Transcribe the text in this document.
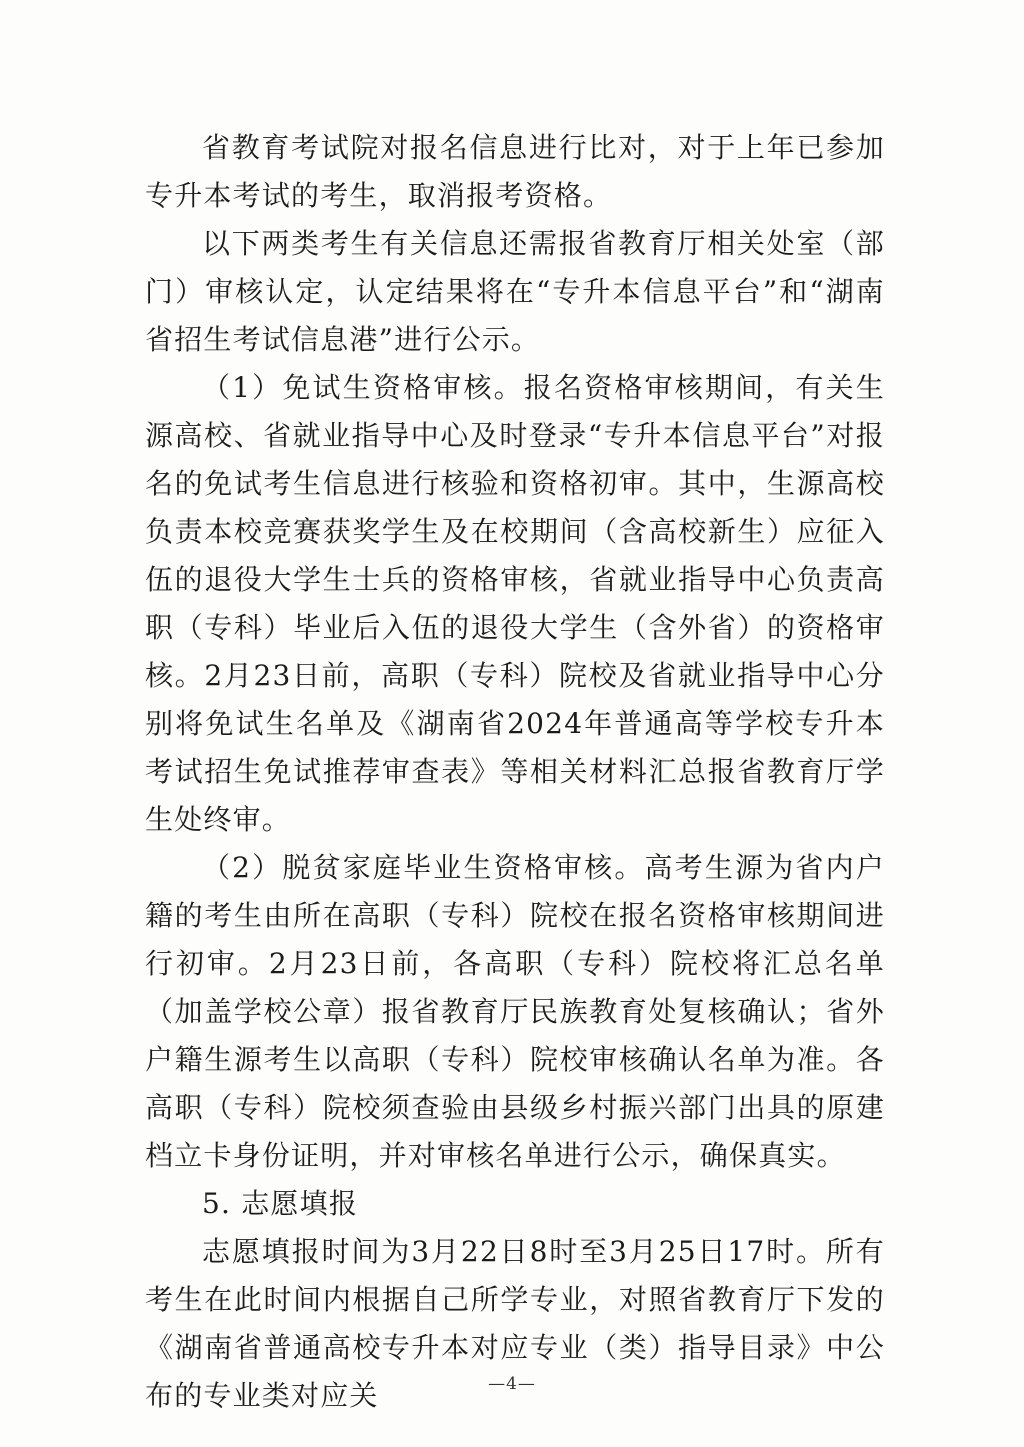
省教育考试院对报名信息进行比对，对于上年已参加专升本考试的考生，取消报考资格。

以下两类考生有关信息还需报省教育厅相关处室（部门）审核认定，认定结果将在“专升本信息平台”和“湖南省招生考试信息港”进行公示。

（1）免试生资格审核。报名资格审核期间，有关生源高校、省就业指导中心及时登录“专升本信息平台”对报名的免试考生信息进行核验和资格初审。其中，生源高校负责本校竞赛获奖学生及在校期间（含高校新生）应征入伍的退役大学生士兵的资格审核，省就业指导中心负责高职（专科）毕业后入伍的退役大学生（含外省）的资格审核。2月23日前，高职（专科）院校及省就业指导中心分别将免试生名单及《湖南省2024年普通高等学校专升本考试招生免试推荐审查表》等相关材料汇总报省教育厅学生处终审。

（2）脱贫家庭毕业生资格审核。高考生源为省内户籍的考生由所在高职（专科）院校在报名资格审核期间进行初审。2月23日前，各高职（专科）院校将汇总名单（加盖学校公章）报省教育厅民族教育处复核确认；省外户籍生源考生以高职（专科）院校审核确认名单为准。各高职（专科）院校须查验由县级乡村振兴部门出具的原建档立卡身份证明，并对审核名单进行公示，确保真实。

5. 志愿填报

志愿填报时间为3月22日8时至3月25日17时。所有考生在此时间内根据自己所学专业，对照省教育厅下发的《湖南省普通高校专升本对应专业（类）指导目录》中公布的专业类对应关	—4—
